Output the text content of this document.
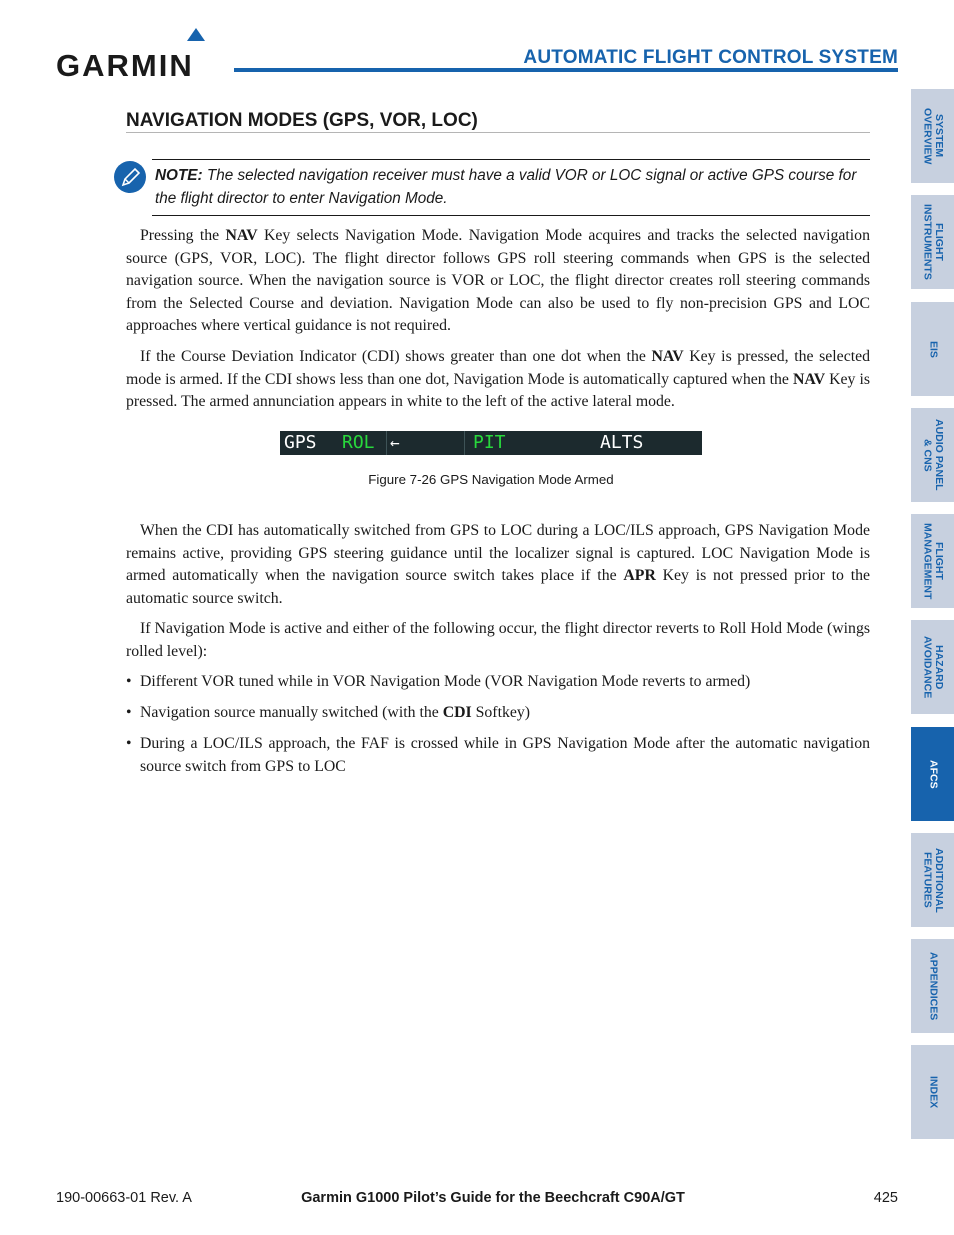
GARMIN	AUTOMATIC FLIGHT CONTROL SYSTEM
NAVIGATION MODES (GPS, VOR, LOC)
NOTE: The selected navigation receiver must have a valid VOR or LOC signal or active GPS course for the flight director to enter Navigation Mode.
Pressing the NAV Key selects Navigation Mode. Navigation Mode acquires and tracks the selected navigation source (GPS, VOR, LOC). The flight director follows GPS roll steering commands when GPS is the selected navigation source. When the navigation source is VOR or LOC, the flight director creates roll steering commands from the Selected Course and deviation. Navigation Mode can also be used to fly non-precision GPS and LOC approaches where vertical guidance is not required.
If the Course Deviation Indicator (CDI) shows greater than one dot when the NAV Key is pressed, the selected mode is armed. If the CDI shows less than one dot, Navigation Mode is automatically captured when the NAV Key is pressed. The armed annunciation appears in white to the left of the active lateral mode.
GPS ROL ←	PIT	ALTS
Figure 7-26 GPS Navigation Mode Armed
When the CDI has automatically switched from GPS to LOC during a LOC/ILS approach, GPS Navigation Mode remains active, providing GPS steering guidance until the localizer signal is captured. LOC Navigation Mode is armed automatically when the navigation source switch takes place if the APR Key is not pressed prior to the automatic source switch.
If Navigation Mode is active and either of the following occur, the flight director reverts to Roll Hold Mode (wings rolled level):
• Different VOR tuned while in VOR Navigation Mode (VOR Navigation Mode reverts to armed)
• Navigation source manually switched (with the CDI Softkey)
• During a LOC/ILS approach, the FAF is crossed while in GPS Navigation Mode after the automatic navigation source switch from GPS to LOC
SYSTEM
OVERVIEW
FLIGHT
INSTRUMENTS
EIS
AUDIO PANEL
& CNS
FLIGHT
MANAGEMENT
HAZARD
AVOIDANCE
AFCS
ADDITIONAL
FEATURES
APPENDICES
INDEX
190-00663-01 Rev. A	Garmin G1000 Pilot’s Guide for the Beechcraft C90A/GT	425
